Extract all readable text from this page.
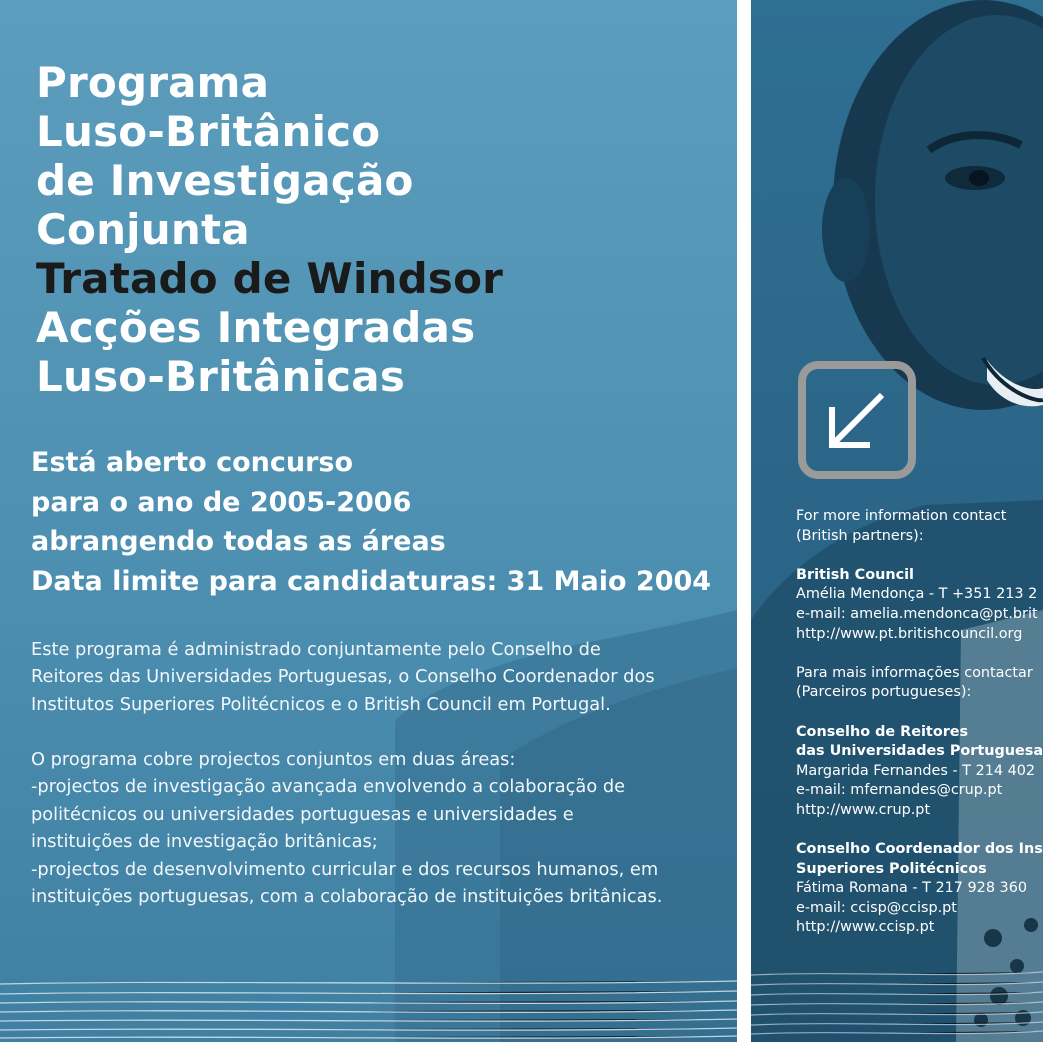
Programa
Luso-Britânico
de Investigação
Conjunta
Tratado de Windsor
Acções Integradas
Luso-Britânicas
Está aberto concurso
para o ano de 2005-2006
abrangendo todas as áreas
Data limite para candidaturas: 31 Maio 2004
Este programa é administrado conjuntamente pelo Conselho de
Reitores das Universidades Portuguesas, o Conselho Coordenador dos
Institutos Superiores Politécnicos e o British Council em Portugal.
O programa cobre projectos conjuntos em duas áreas:
-projectos de investigação avançada envolvendo a colaboração de
politécnicos ou universidades portuguesas e universidades e
instituições de investigação britânicas;
-projectos de desenvolvimento curricular e dos recursos humanos, em
instituições portuguesas, com a colaboração de instituições britânicas.
For more information contact
(British partners):
British Council
Amélia Mendonça - T +351 213 2
e-mail: amelia.mendonca@pt.brit
http://www.pt.britishcouncil.org
Para mais informações contactar
(Parceiros portugueses):
Conselho de Reitores
das Universidades Portuguesa
Margarida Fernandes - T 214 402
e-mail: mfernandes@crup.pt
http://www.crup.pt
Conselho Coordenador dos Ins
Superiores Politécnicos
Fátima Romana - T 217 928 360
e-mail: ccisp@ccisp.pt
http://www.ccisp.pt
